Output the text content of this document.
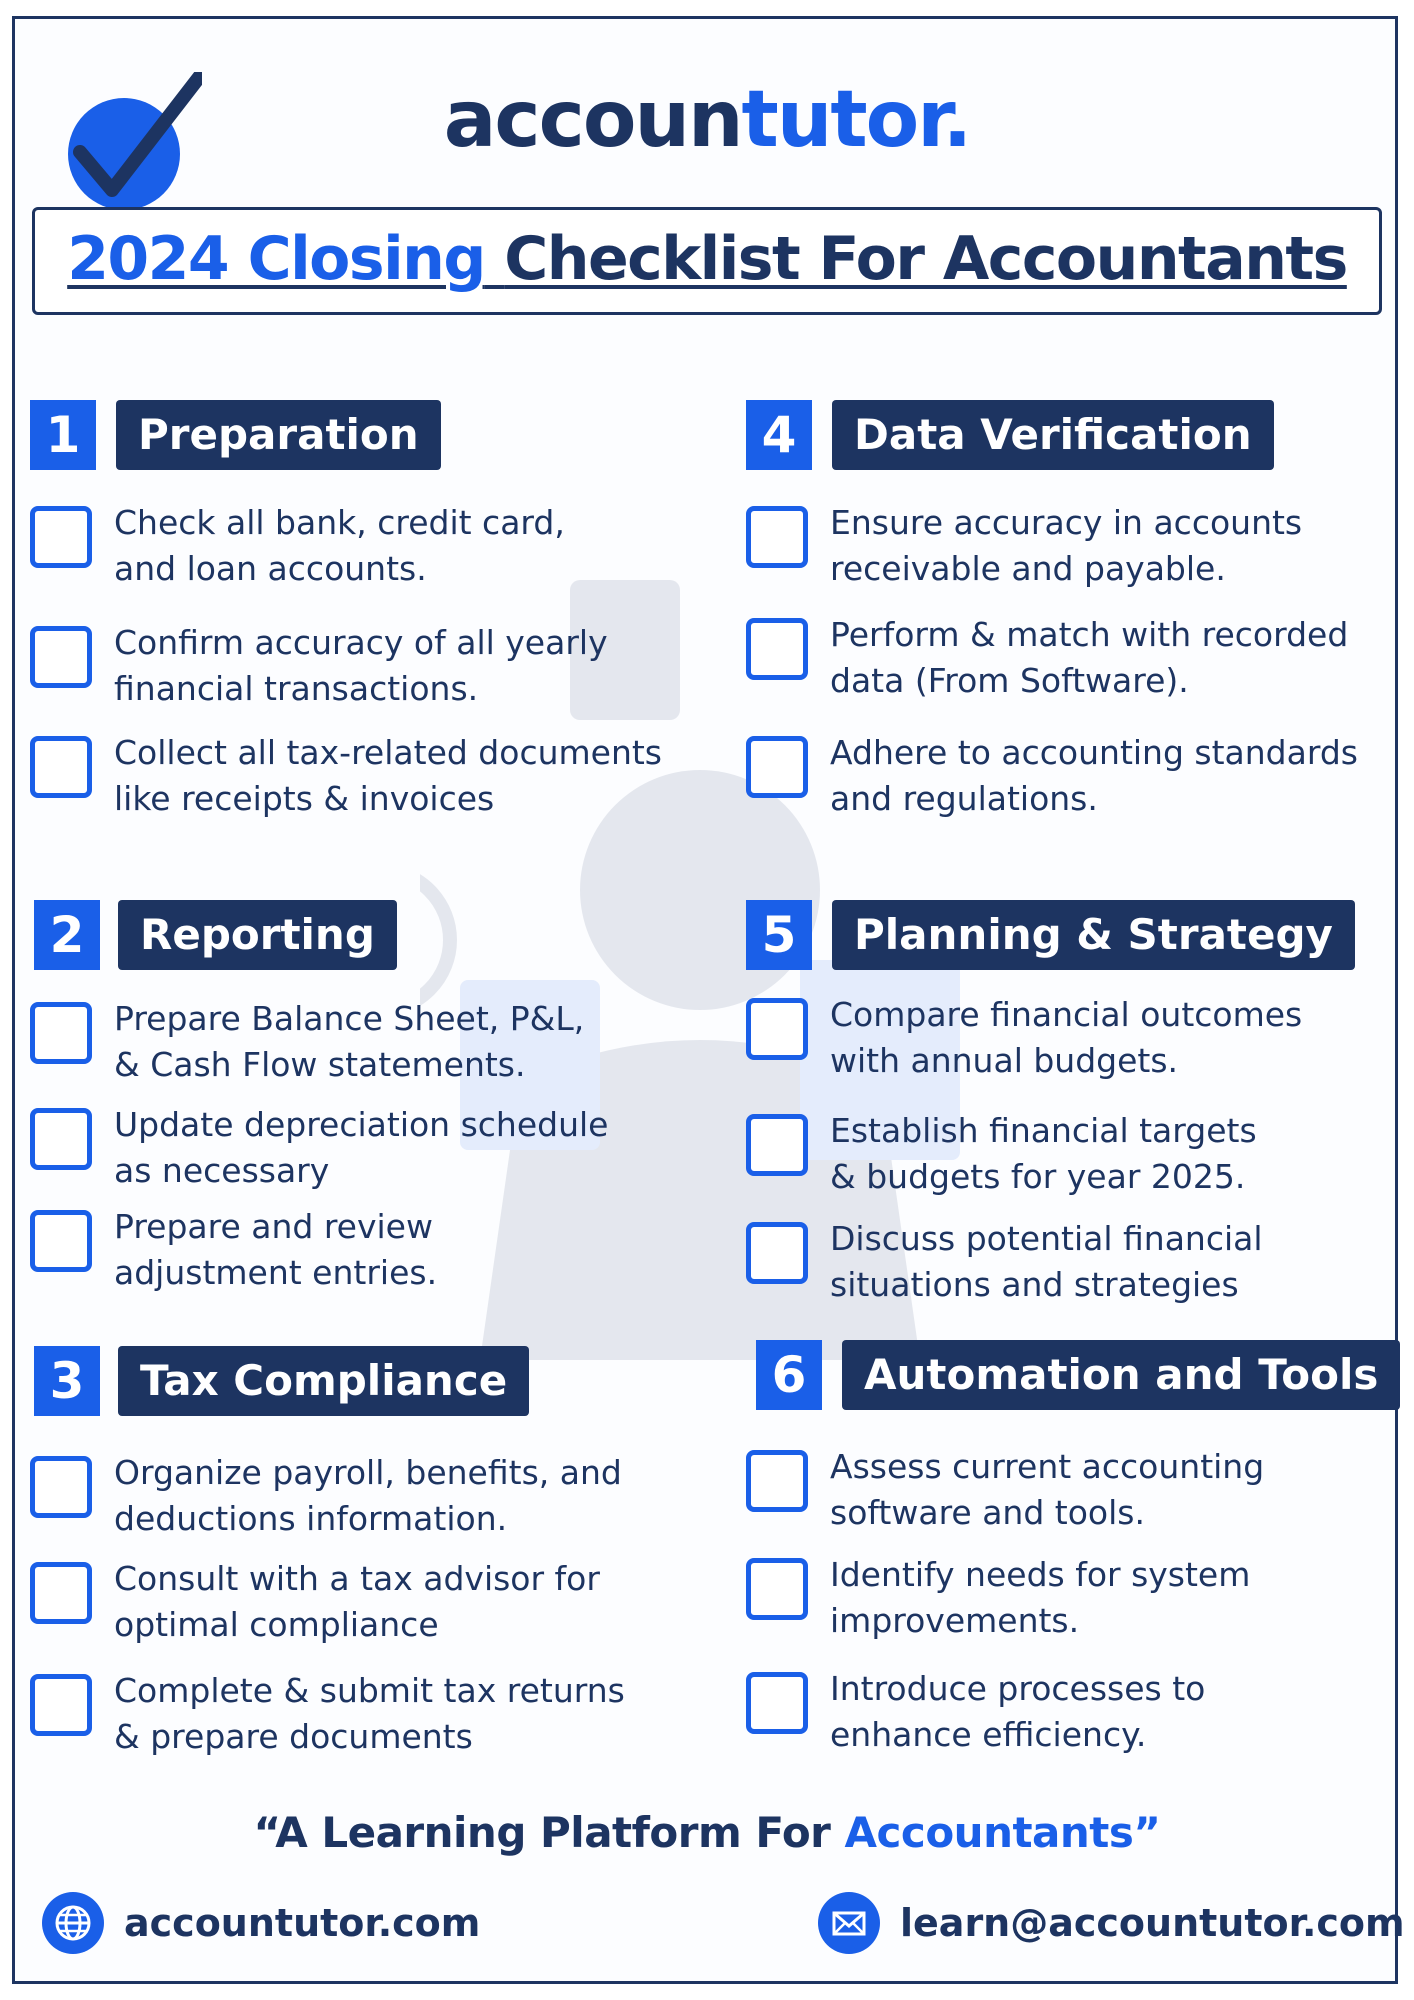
accountutor.
2024 Closing Checklist For Accountants
1	Preparation
Check all bank, credit card,
and loan accounts.
Confirm accuracy of all yearly
financial transactions.
Collect all tax-related documents
like receipts & invoices
2	Reporting
Prepare Balance Sheet, P&L,
& Cash Flow statements.
Update depreciation schedule
as necessary
Prepare and review
adjustment entries.
3	Tax Compliance
Organize payroll, benefits, and
deductions information.
Consult with a tax advisor for
optimal compliance
Complete & submit tax returns
& prepare documents
4	Data Verification
Ensure accuracy in accounts
receivable and payable.
Perform & match with recorded
data (From Software).
Adhere to accounting standards
and regulations.
5	Planning & Strategy
Compare financial outcomes
with annual budgets.
Establish financial targets
& budgets for year 2025.
Discuss potential financial
situations and strategies
6	Automation and Tools
Assess current accounting
software and tools.
Identify needs for system
improvements.
Introduce processes to
enhance efficiency.
“A Learning Platform For Accountants”
accountutor.com	learn@accountutor.com
